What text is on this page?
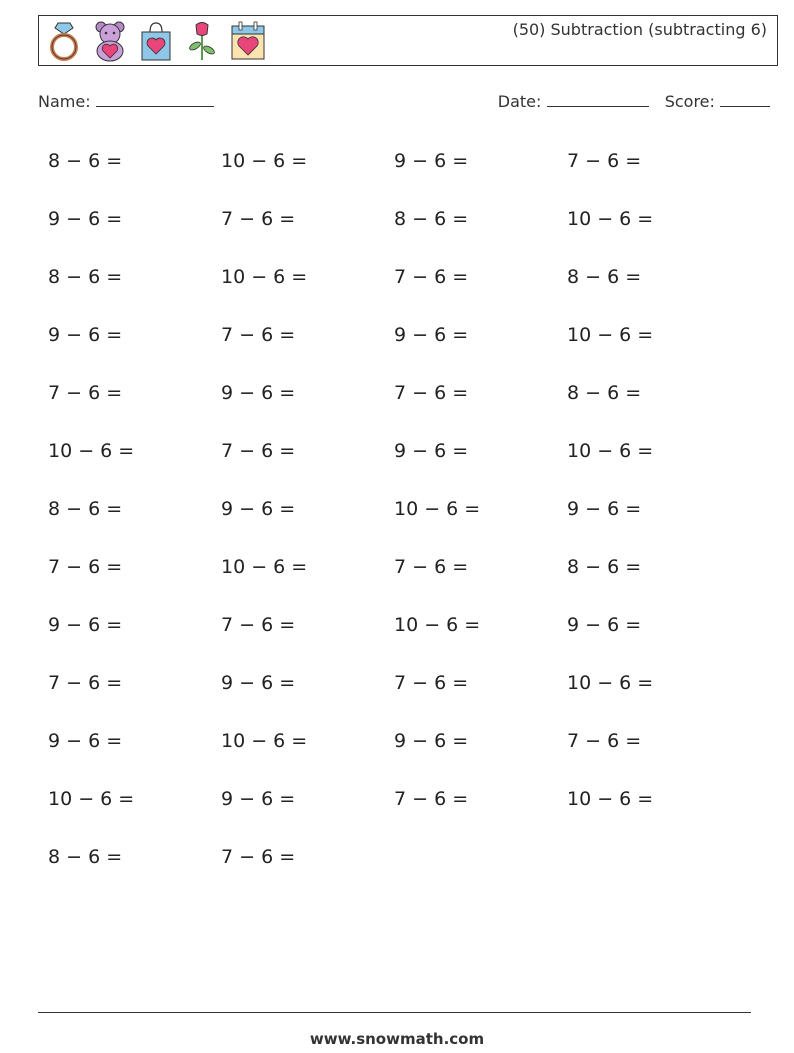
(50) Subtraction (subtracting 6)
Name:	Date:	Score:
8 − 6 =	10 − 6 =	9 − 6 =	7 − 6 =
9 − 6 =	7 − 6 =	8 − 6 =	10 − 6 =
8 − 6 =	10 − 6 =	7 − 6 =	8 − 6 =
9 − 6 =	7 − 6 =	9 − 6 =	10 − 6 =
7 − 6 =	9 − 6 =	7 − 6 =	8 − 6 =
10 − 6 =	7 − 6 =	9 − 6 =	10 − 6 =
8 − 6 =	9 − 6 =	10 − 6 =	9 − 6 =
7 − 6 =	10 − 6 =	7 − 6 =	8 − 6 =
9 − 6 =	7 − 6 =	10 − 6 =	9 − 6 =
7 − 6 =	9 − 6 =	7 − 6 =	10 − 6 =
9 − 6 =	10 − 6 =	9 − 6 =	7 − 6 =
10 − 6 =	9 − 6 =	7 − 6 =	10 − 6 =
8 − 6 =	7 − 6 =
www.snowmath.com
